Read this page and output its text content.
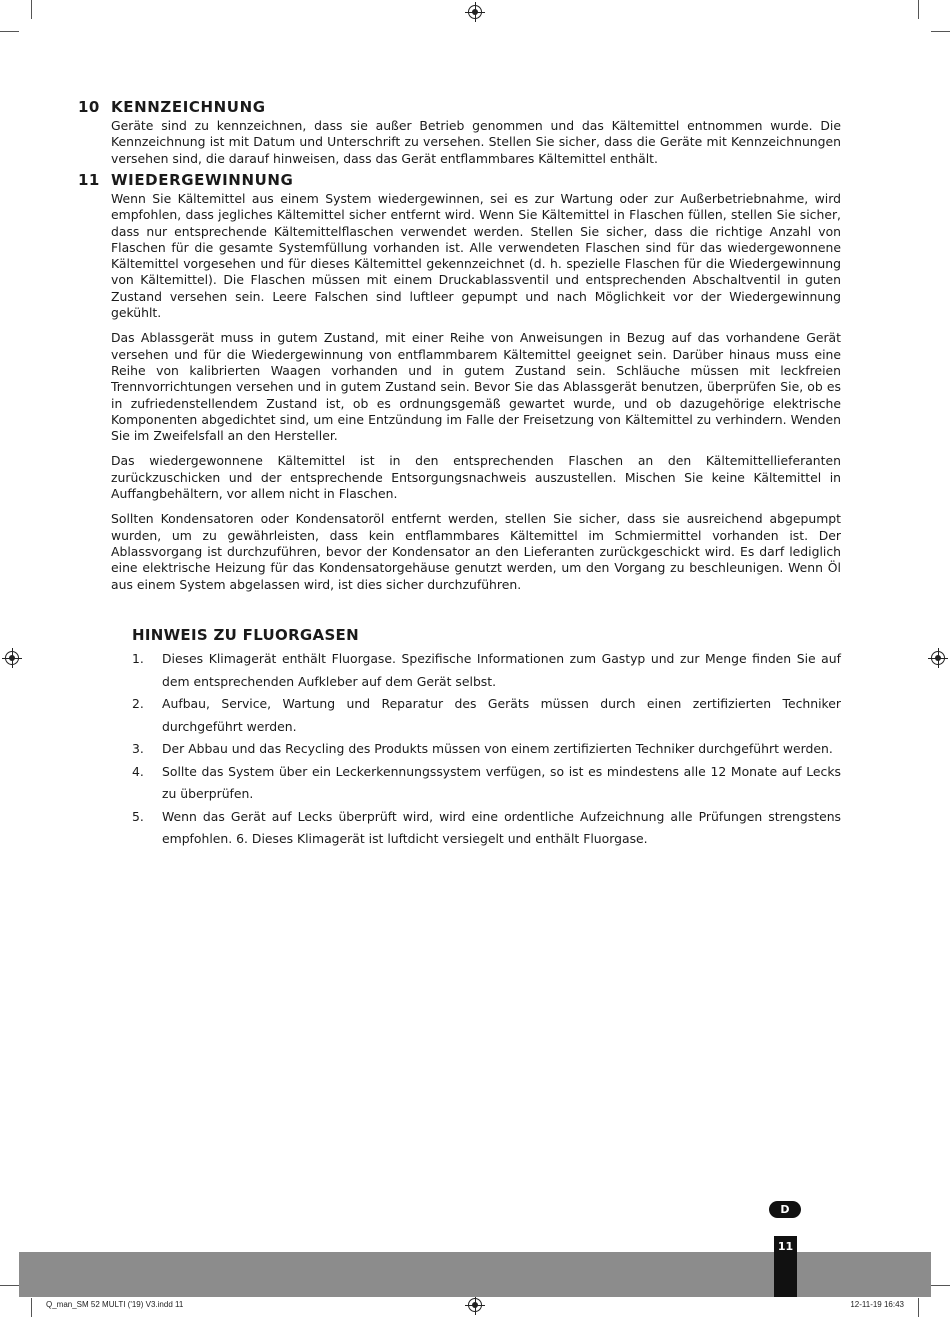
10 KENNZEICHNUNG

Geräte sind zu kennzeichnen, dass sie außer Betrieb genommen und das Kältemittel entnommen wurde. Die Kennzeichnung ist mit Datum und Unterschrift zu versehen. Stellen Sie sicher, dass die Geräte mit Kennzeichnungen versehen sind, die darauf hinweisen, dass das Gerät entflammbares Kältemittel enthält.

11 WIEDERGEWINNUNG

Wenn Sie Kältemittel aus einem System wiedergewinnen, sei es zur Wartung oder zur Außerbetriebnahme, wird empfohlen, dass jegliches Kältemittel sicher entfernt wird. Wenn Sie Kältemittel in Flaschen füllen, stellen Sie sicher, dass nur entsprechende Kältemittelflaschen verwendet werden. Stellen Sie sicher, dass die richtige Anzahl von Flaschen für die gesamte Systemfüllung vorhanden ist. Alle verwendeten Flaschen sind für das wiedergewonnene Kältemittel vorgesehen und für dieses Kältemittel gekennzeichnet (d. h. spezielle Flaschen für die Wiedergewinnung von Kältemittel). Die Flaschen müssen mit einem Druckablassventil und entsprechenden Abschaltventil in guten Zustand versehen sein. Leere Falschen sind luftleer gepumpt und nach Möglichkeit vor der Wiedergewinnung gekühlt.

Das Ablassgerät muss in gutem Zustand, mit einer Reihe von Anweisungen in Bezug auf das vorhandene Gerät versehen und für die Wiedergewinnung von entflammbarem Kältemittel geeignet sein. Darüber hinaus muss eine Reihe von kalibrierten Waagen vorhanden und in gutem Zustand sein. Schläuche müssen mit leckfreien Trennvorrichtungen versehen und in gutem Zustand sein. Bevor Sie das Ablassgerät benutzen, überprüfen Sie, ob es in zufriedenstellendem Zustand ist, ob es ordnungsgemäß gewartet wurde, und ob dazugehörige elektrische Komponenten abgedichtet sind, um eine Entzündung im Falle der Freisetzung von Kältemittel zu verhindern. Wenden Sie im Zweifelsfall an den Hersteller.

Das wiedergewonnene Kältemittel ist in den entsprechenden Flaschen an den Kältemittellieferanten zurückzuschicken und der entsprechende Entsorgungsnachweis auszustellen. Mischen Sie keine Kältemittel in Auffangbehältern, vor allem nicht in Flaschen.

Sollten Kondensatoren oder Kondensatoröl entfernt werden, stellen Sie sicher, dass sie ausreichend abgepumpt wurden, um zu gewährleisten, dass kein entflammbares Kältemittel im Schmiermittel vorhanden ist. Der Ablassvorgang ist durchzuführen, bevor der Kondensator an den Lieferanten zurückgeschickt wird. Es darf lediglich eine elektrische Heizung für das Kondensatorgehäuse genutzt werden, um den Vorgang zu beschleunigen. Wenn Öl aus einem System abgelassen wird, ist dies sicher durchzuführen.

HINWEIS ZU FLUORGASEN
1.	Dieses Klimagerät enthält Fluorgase. Spezifische Informationen zum Gastyp und zur Menge finden Sie auf dem entsprechenden Aufkleber auf dem Gerät selbst.
2.	Aufbau, Service, Wartung und Reparatur des Geräts müssen durch einen zertifizierten Techniker durchgeführt werden.
3.	Der Abbau und das Recycling des Produkts müssen von einem zertifizierten Techniker durchgeführt werden.
4.	Sollte das System über ein Leckerkennungssystem verfügen, so ist es mindestens alle 12 Monate auf Lecks zu überprüfen.
5.	Wenn das Gerät auf Lecks überprüft wird, wird eine ordentliche Aufzeichnung alle Prüfungen strengstens empfohlen. 6. Dieses Klimagerät ist luftdicht versiegelt und enthält Fluorgase.
D
11
Q_man_SM 52 MULTI ('19) V3.indd 11	12-11-19 16:43
